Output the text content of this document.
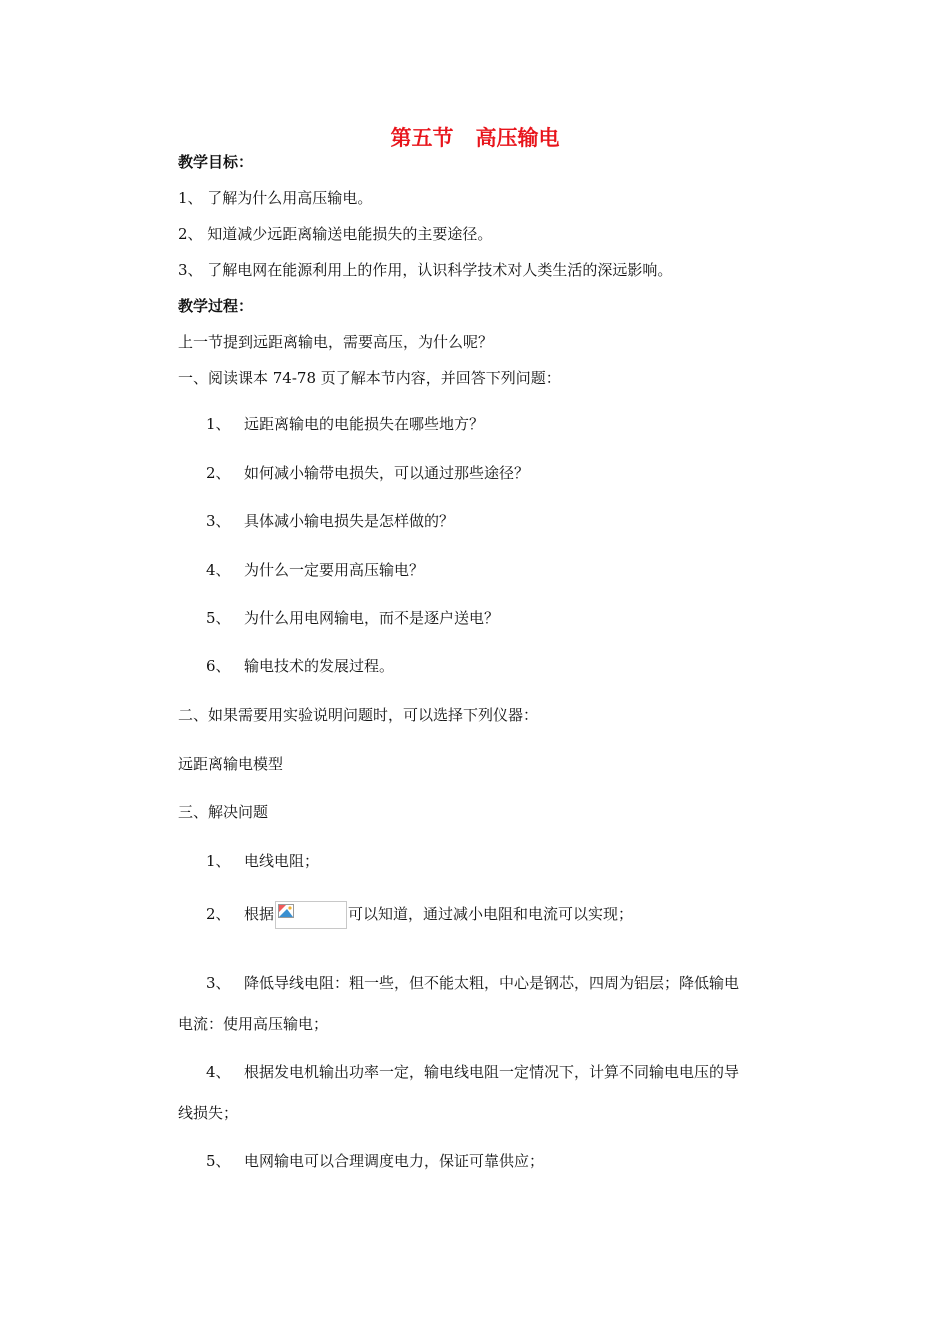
第五节 高压输电
教学目标：
1、 了解为什么用高压输电。
2、 知道减少远距离输送电能损失的主要途径。
3、 了解电网在能源利用上的作用，认识科学技术对人类生活的深远影响。
教学过程：
上一节提到远距离输电，需要高压，为什么呢？
一、阅读课本 74-78 页了解本节内容，并回答下列问题：
1、 远距离输电的电能损失在哪些地方？
2、 如何减小输带电损失，可以通过那些途径？
3、 具体减小输电损失是怎样做的？
4、 为什么一定要用高压输电？
5、 为什么用电网输电，而不是逐户送电？
6、 输电技术的发展过程。
二、如果需要用实验说明问题时，可以选择下列仪器：
远距离输电模型
三、解决问题
1、 电线电阻；
2、 根据	可以知道，通过减小电阻和电流可以实现；
3、 降低导线电阻：粗一些，但不能太粗，中心是钢芯，四周为铝层；降低输电
电流：使用高压输电；
4、 根据发电机输出功率一定，输电线电阻一定情况下，计算不同输电电压的导
线损失；
5、 电网输电可以合理调度电力，保证可靠供应；
